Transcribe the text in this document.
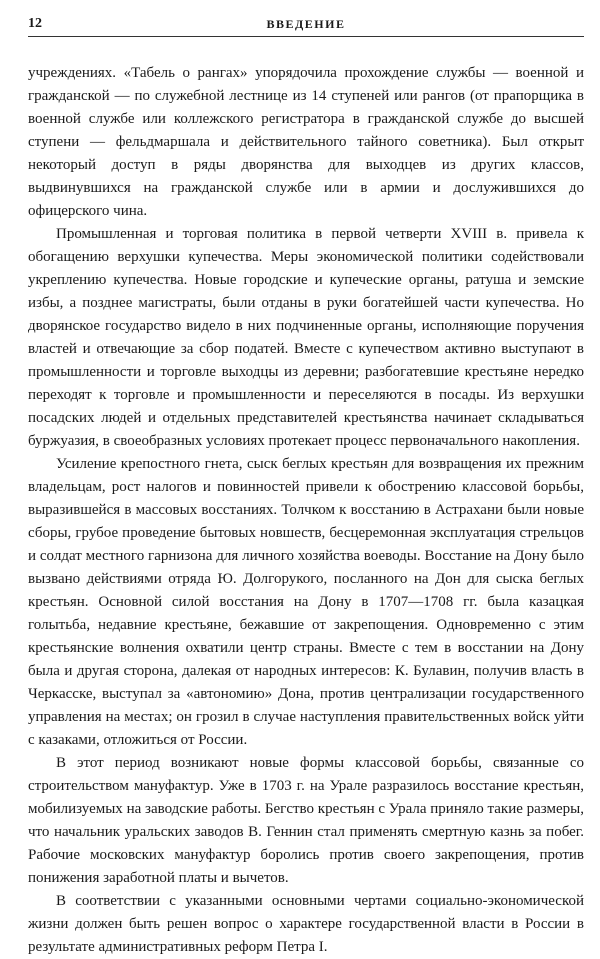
12	ВВЕДЕНИЕ

учреждениях. «Табель о рангах» упорядочила прохождение службы — военной и гражданской — по служебной лестнице из 14 ступеней или рангов (от прапорщика в военной службе или коллежского регистратора в гражданской службе до высшей ступени — фельдмаршала и действительного тайного советника). Был открыт некоторый доступ в ряды дворянства для выходцев из других классов, выдвинувшихся на гражданской службе или в армии и дослужившихся до офицерского чина.

Промышленная и торговая политика в первой четверти XVIII в. привела к обогащению верхушки купечества. Меры экономической политики содействовали укреплению купечества. Новые городские и купеческие органы, ратуша и земские избы, а позднее магистраты, были отданы в руки богатейшей части купечества. Но дворянское государство видело в них подчиненные органы, исполняющие поручения властей и отвечающие за сбор податей. Вместе с купечеством активно выступают в промышленности и торговле выходцы из деревни; разбогатевшие крестьяне нередко переходят к торговле и промышленности и переселяются в посады. Из верхушки посадских людей и отдельных представителей крестьянства начинает складываться буржуазия, в своеобразных условиях протекает процесс первоначального накопления.

Усиление крепостного гнета, сыск беглых крестьян для возвращения их прежним владельцам, рост налогов и повинностей привели к обострению классовой борьбы, выразившейся в массовых восстаниях. Толчком к восстанию в Астрахани были новые сборы, грубое проведение бытовых новшеств, бесцеремонная эксплуатация стрельцов и солдат местного гарнизона для личного хозяйства воеводы. Восстание на Дону было вызвано действиями отряда Ю. Долгорукого, посланного на Дон для сыска беглых крестьян. Основной силой восстания на Дону в 1707—1708 гг. была казацкая голытьба, недавние крестьяне, бежавшие от закрепощения. Одновременно с этим крестьянские волнения охватили центр страны. Вместе с тем в восстании на Дону была и другая сторона, далекая от народных интересов: К. Булавин, получив власть в Черкасске, выступал за «автономию» Дона, против централизации государственного управления на местах; он грозил в случае наступления правительственных войск уйти с казаками, отложиться от России.

В этот период возникают новые формы классовой борьбы, связанные со строительством мануфактур. Уже в 1703 г. на Урале разразилось восстание крестьян, мобилизуемых на заводские работы. Бегство крестьян с Урала приняло такие размеры, что начальник уральских заводов В. Геннин стал применять смертную казнь за побег. Рабочие московских мануфактур боролись против своего закрепощения, против понижения заработной платы и вычетов.

В соответствии с указанными основными чертами социально-экономической жизни должен быть решен вопрос о характере государственной власти в России в результате административных реформ Петра I.
